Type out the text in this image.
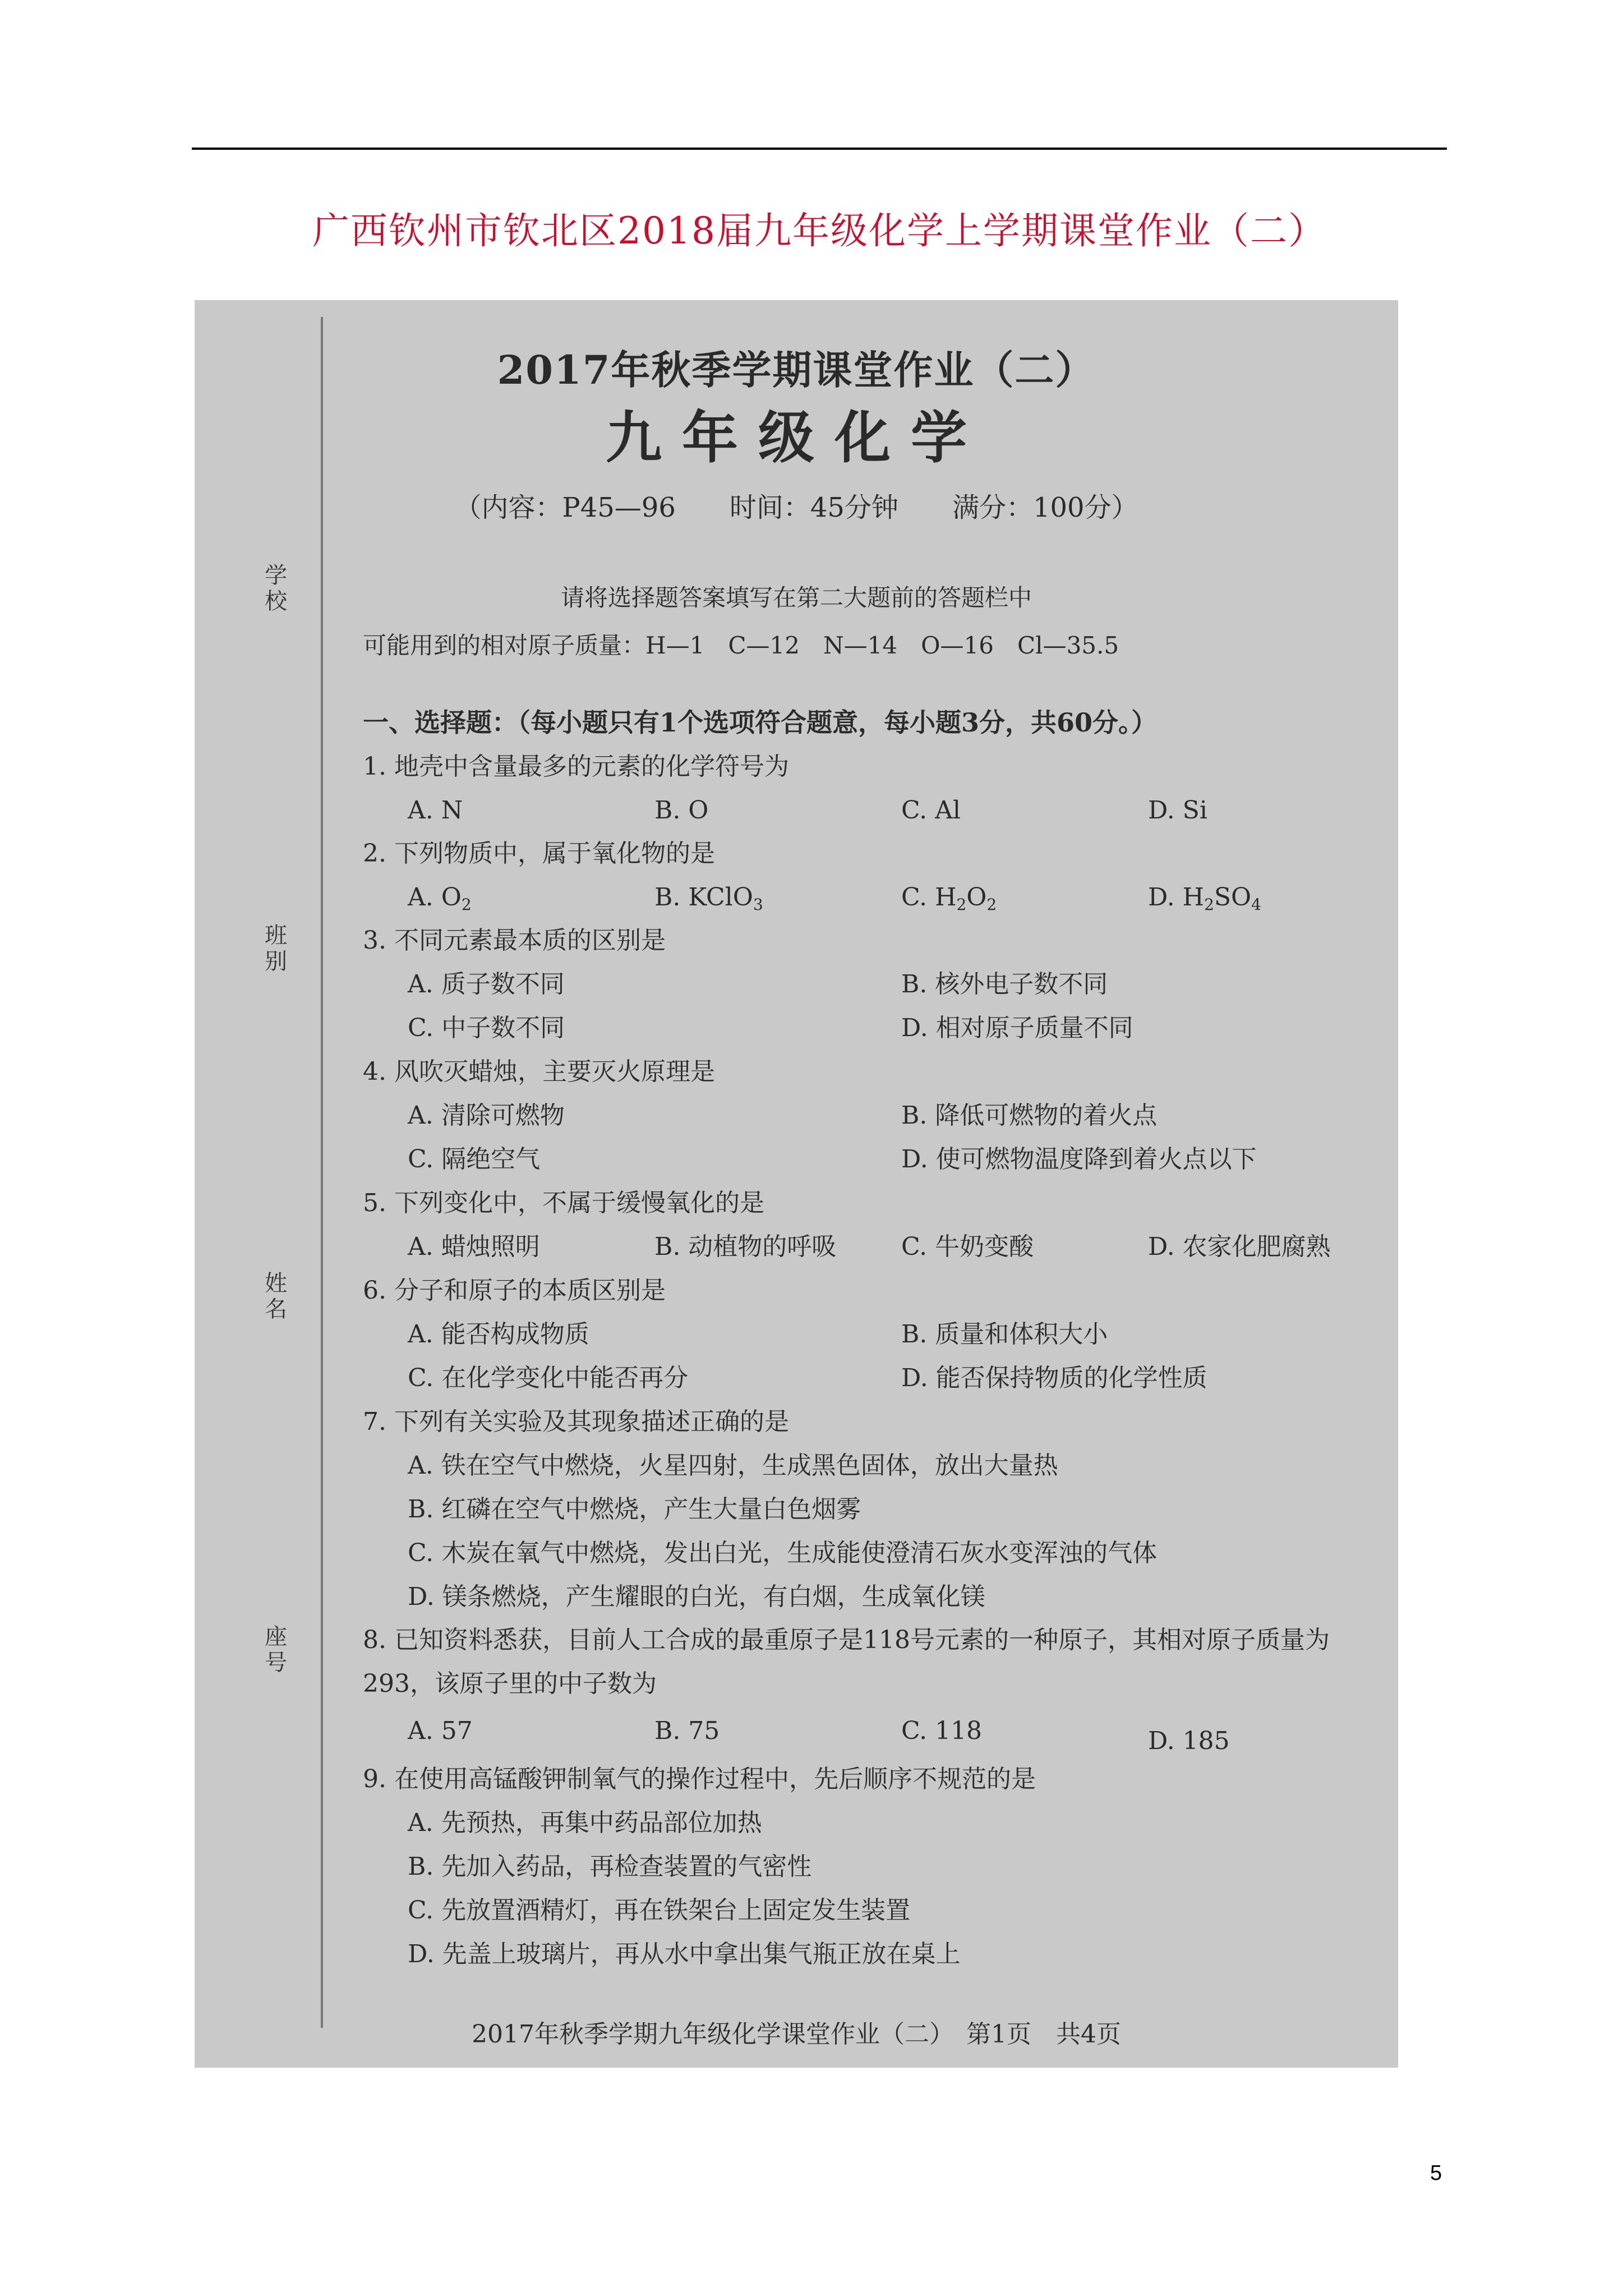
广西钦州市钦北区2018届九年级化学上学期课堂作业（二）
学校
班别
姓名
座号
2017年秋季学期课堂作业（二）
九年级化学
（内容：P45—96　　时间：45分钟　　满分：100分）
请将选择题答案填写在第二大题前的答题栏中
可能用到的相对原子质量：H—1　C—12　N—14　O—16　Cl—35.5
一、选择题：（每小题只有1个选项符合题意，每小题3分，共60分。）
1. 地壳中含量最多的元素的化学符号为
A. N	B. O	C. Al	D. Si
2. 下列物质中，属于氧化物的是
A. $O_2$	B. KClO$_3$	C. $H_2O_2$	D. $H_2SO_4$
3. 不同元素最本质的区别是
A. 质子数不同	B. 核外电子数不同
C. 中子数不同	D. 相对原子质量不同
4. 风吹灭蜡烛，主要灭火原理是
A. 清除可燃物	B. 降低可燃物的着火点
C. 隔绝空气	D. 使可燃物温度降到着火点以下
5. 下列变化中，不属于缓慢氧化的是
A. 蜡烛照明	B. 动植物的呼吸	C. 牛奶变酸	D. 农家化肥腐熟
6. 分子和原子的本质区别是
A. 能否构成物质	B. 质量和体积大小
C. 在化学变化中能否再分	D. 能否保持物质的化学性质
7. 下列有关实验及其现象描述正确的是
A. 铁在空气中燃烧，火星四射，生成黑色固体，放出大量热
B. 红磷在空气中燃烧，产生大量白色烟雾
C. 木炭在氧气中燃烧，发出白光，生成能使澄清石灰水变浑浊的气体
D. 镁条燃烧，产生耀眼的白光，有白烟，生成氧化镁
8. 已知资料悉获，目前人工合成的最重原子是118号元素的一种原子，其相对原子质量为293，该原子里的中子数为
A. 57	B. 75	C. 118	D. 185
9. 在使用高锰酸钾制氧气的操作过程中，先后顺序不规范的是
A. 先预热，再集中药品部位加热
B. 先加入药品，再检查装置的气密性
C. 先放置酒精灯，再在铁架台上固定发生装置
D. 先盖上玻璃片，再从水中拿出集气瓶正放在桌上
2017年秋季学期九年级化学课堂作业（二）　第1页　共4页
5
